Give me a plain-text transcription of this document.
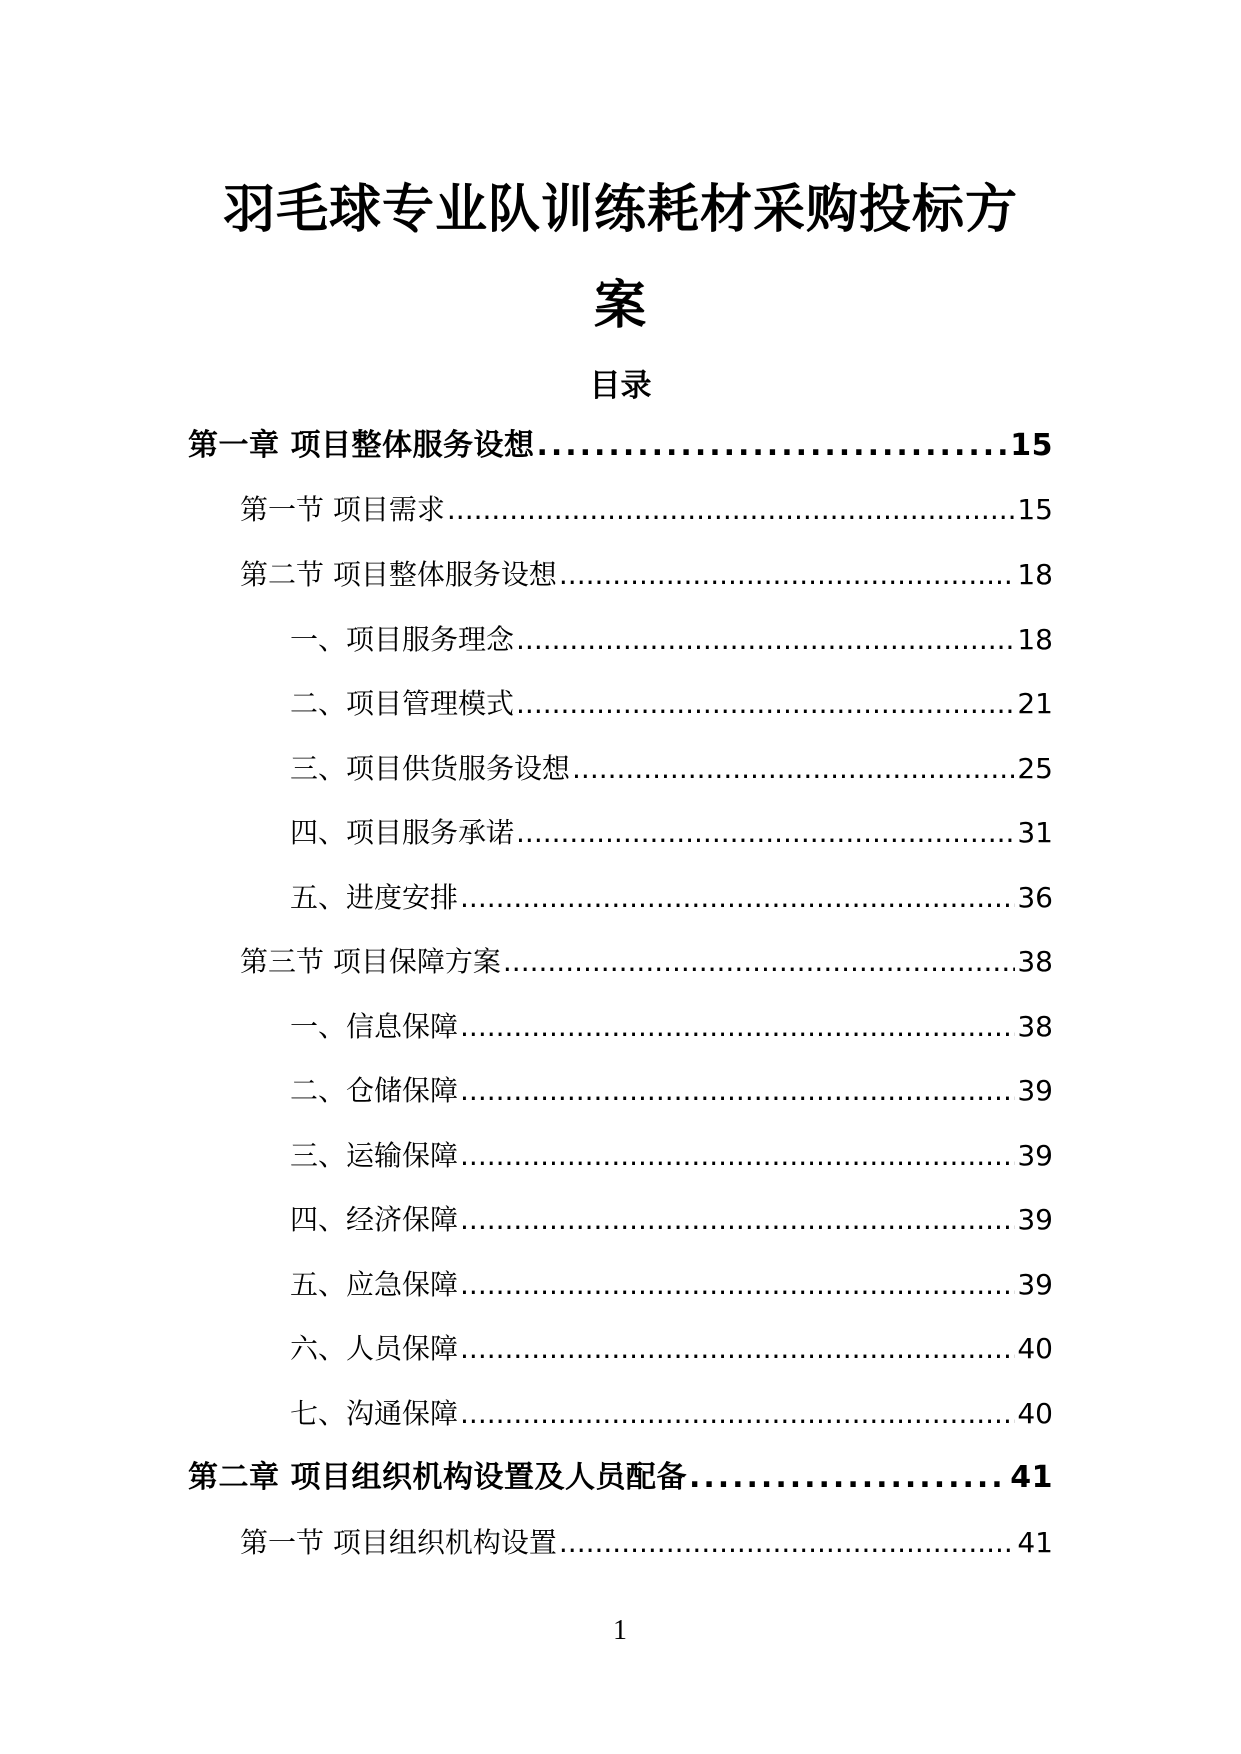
羽毛球专业队训练耗材采购投标方
案
目录
第一章 项目整体服务设想 .....	15
第一节 项目需求 .....	15
第二节 项目整体服务设想 .....	18
一、项目服务理念 .....	18
二、项目管理模式 .....	21
三、项目供货服务设想 .....	25
四、项目服务承诺 .....	31
五、进度安排 .....	36
第三节 项目保障方案 .....	38
一、信息保障 .....	38
二、仓储保障 .....	39
三、运输保障 .....	39
四、经济保障 .....	39
五、应急保障 .....	39
六、人员保障 .....	40
七、沟通保障 .....	40
第二章 项目组织机构设置及人员配备 .....	41
第一节 项目组织机构设置 .....	41
1
